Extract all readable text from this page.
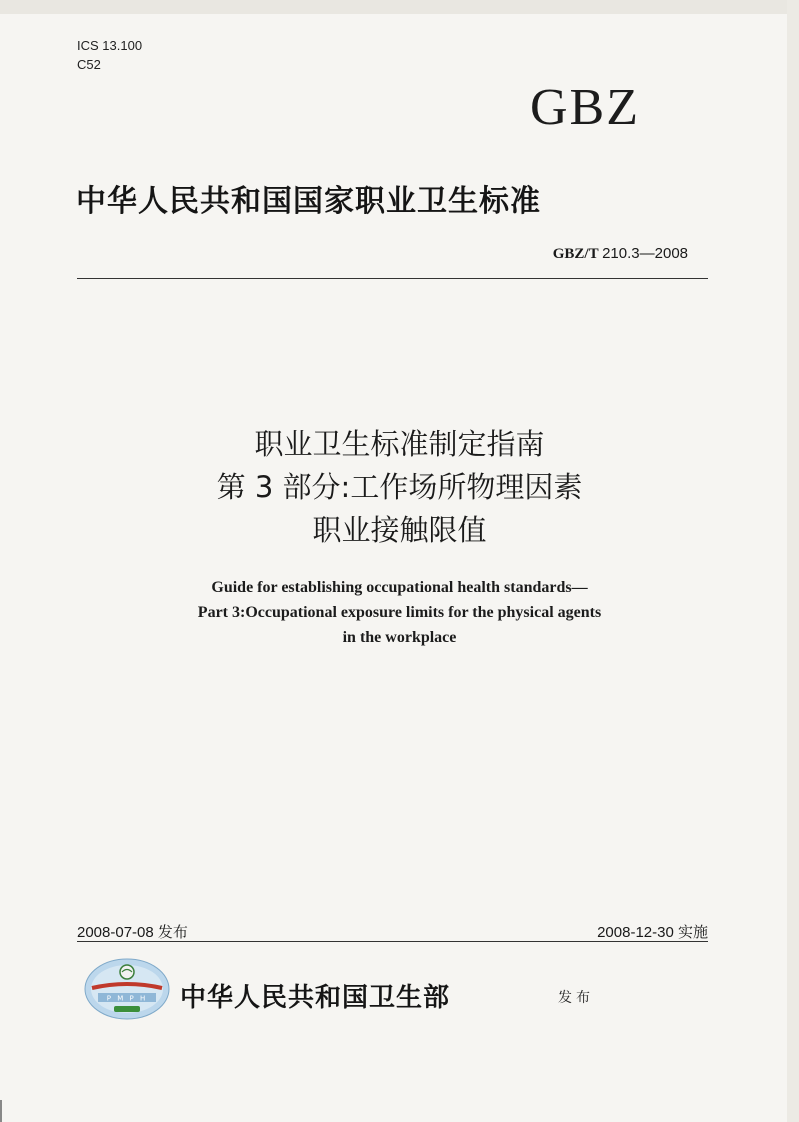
ICS 13.100
C52
GBZ
中华人民共和国国家职业卫生标准
GBZ/T 210.3—2008
职业卫生标准制定指南
第 3 部分:工作场所物理因素
职业接触限值
Guide for establishing occupational health standards—
Part 3:Occupational exposure limits for the physical agents
in the workplace
2008-07-08 发布	2008-12-30 实施
P M P H 中华人民共和国卫生部	发布
